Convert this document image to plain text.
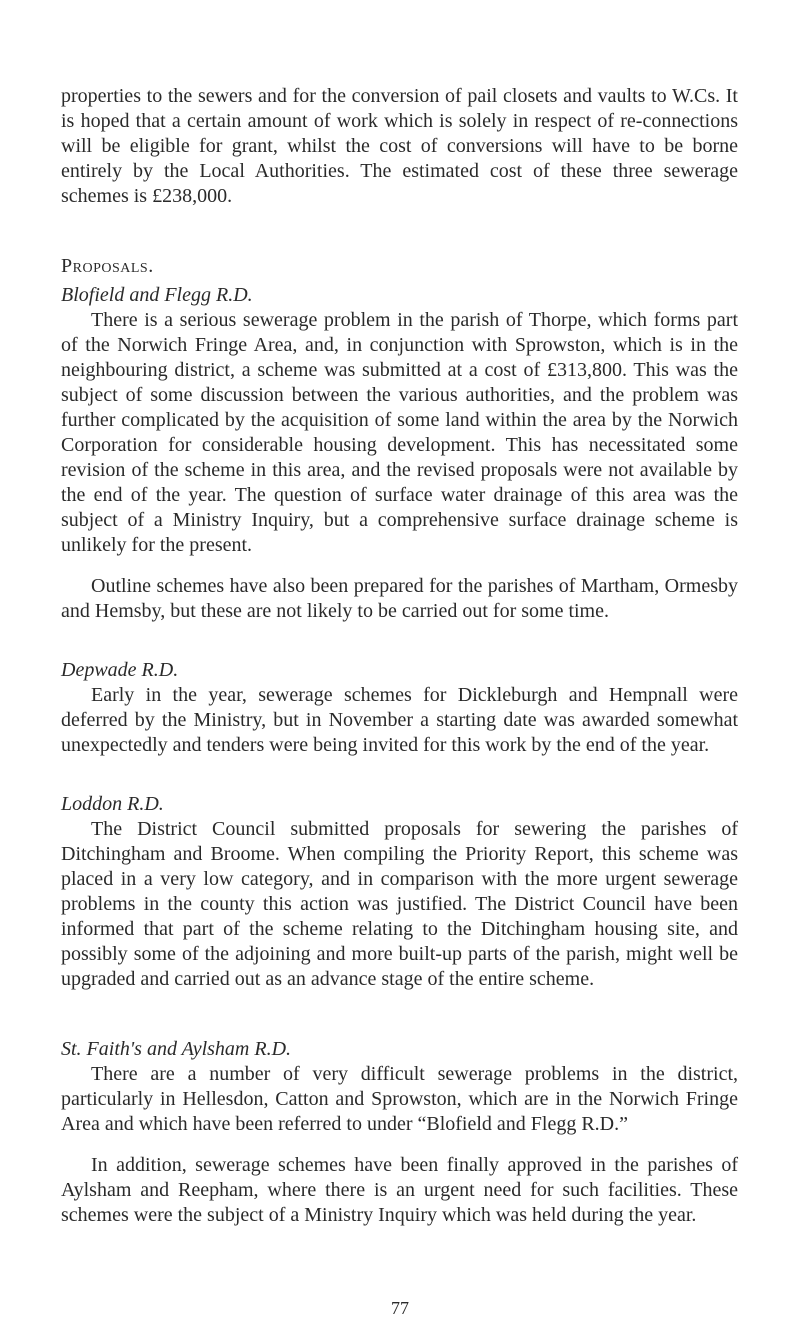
properties to the sewers and for the conversion of pail closets and vaults to W.Cs. It is hoped that a certain amount of work which is solely in respect of re-connections will be eligible for grant, whilst the cost of conversions will have to be borne entirely by the Local Authorities. The estimated cost of these three sewerage schemes is £238,000.

Proposals.

Blofield and Flegg R.D.

There is a serious sewerage problem in the parish of Thorpe, which forms part of the Norwich Fringe Area, and, in conjunction with Sprowston, which is in the neighbouring district, a scheme was submitted at a cost of £313,800. This was the subject of some discussion between the various authorities, and the problem was further complicated by the acquisition of some land within the area by the Norwich Corporation for considerable housing development. This has necessitated some revision of the scheme in this area, and the revised proposals were not available by the end of the year. The question of surface water drainage of this area was the subject of a Ministry Inquiry, but a comprehensive surface drainage scheme is unlikely for the present.

Outline schemes have also been prepared for the parishes of Martham, Ormesby and Hemsby, but these are not likely to be carried out for some time.

Depwade R.D.

Early in the year, sewerage schemes for Dickleburgh and Hempnall were deferred by the Ministry, but in November a starting date was awarded somewhat unexpectedly and tenders were being invited for this work by the end of the year.

Loddon R.D.

The District Council submitted proposals for sewering the parishes of Ditchingham and Broome. When compiling the Priority Report, this scheme was placed in a very low category, and in comparison with the more urgent sewerage problems in the county this action was justified. The District Council have been informed that part of the scheme relating to the Ditchingham housing site, and possibly some of the adjoining and more built-up parts of the parish, might well be upgraded and carried out as an advance stage of the entire scheme.

St. Faith's and Aylsham R.D.

There are a number of very difficult sewerage problems in the district, particularly in Hellesdon, Catton and Sprowston, which are in the Norwich Fringe Area and which have been referred to under “Blofield and Flegg R.D.”

In addition, sewerage schemes have been finally approved in the parishes of Aylsham and Reepham, where there is an urgent need for such facilities. These schemes were the subject of a Ministry Inquiry which was held during the year.

77
